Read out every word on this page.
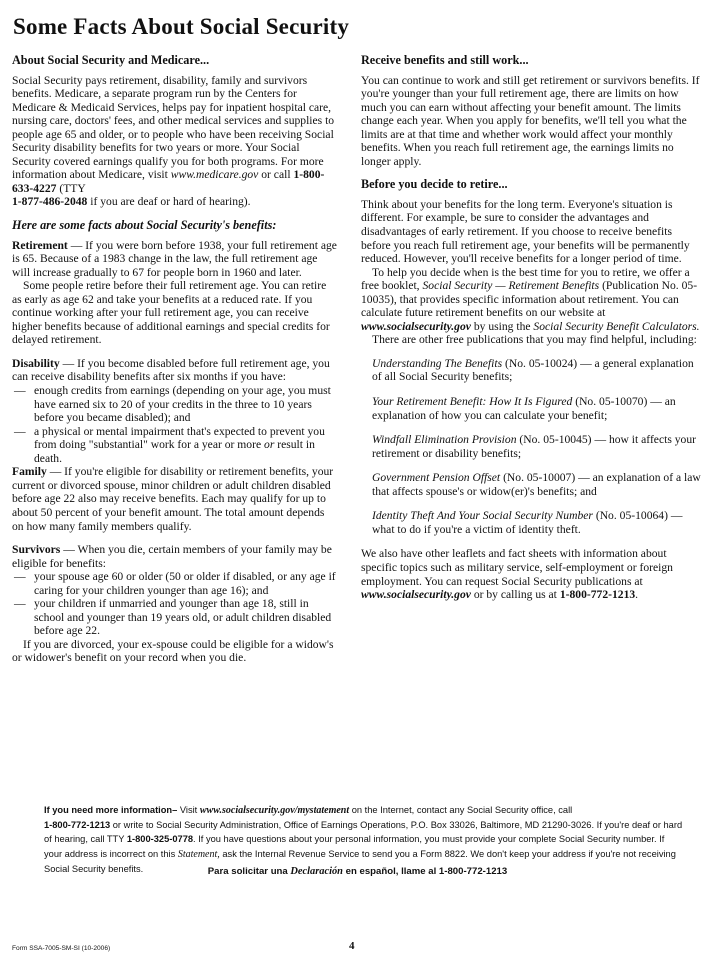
Some Facts About Social Security
About Social Security and Medicare...

Social Security pays retirement, disability, family and survivors benefits. Medicare, a separate program run by the Centers for Medicare & Medicaid Services, helps pay for inpatient hospital care, nursing care, doctors' fees, and other medical services and supplies to people age 65 and older, or to people who have been receiving Social Security disability benefits for two years or more. Your Social Security covered earnings qualify you for both programs. For more information about Medicare, visit www.medicare.gov or call 1-800-633-4227 (TTY
1-877-486-2048 if you are deaf or hard of hearing).

Here are some facts about Social Security's benefits:

Retirement — If you were born before 1938, your full retirement age is 65. Because of a 1983 change in the law, the full retirement age will increase gradually to 67 for people born in 1960 and later.

Some people retire before their full retirement age. You can retire as early as age 62 and take your benefits at a reduced rate. If you continue working after your full retirement age, you can receive higher benefits because of additional earnings and special credits for delayed retirement.

Disability — If you become disabled before full retirement age, you can receive disability benefits after six months if you have:

— enough credits from earnings (depending on your age, you must have earned six to 20 of your credits in the three to 10 years before you became disabled); and
— a physical or mental impairment that's expected to prevent you from doing "substantial" work for a year or more or result in death.

Family — If you're eligible for disability or retirement benefits, your current or divorced spouse, minor children or adult children disabled before age 22 also may receive benefits. Each may qualify for up to about 50 percent of your benefit amount. The total amount depends on how many family members qualify.

Survivors — When you die, certain members of your family may be eligible for benefits:

— your spouse age 60 or older (50 or older if disabled, or any age if caring for your children younger than age 16); and
— your children if unmarried and younger than age 18, still in school and younger than 19 years old, or adult children disabled before age 22.

If you are divorced, your ex-spouse could be eligible for a widow's or widower's benefit on your record when you die.

Receive benefits and still work...

You can continue to work and still get retirement or survivors benefits. If you're younger than your full retirement age, there are limits on how much you can earn without affecting your benefit amount. The limits change each year. When you apply for benefits, we'll tell you what the limits are at that time and whether work would affect your monthly benefits. When you reach full retirement age, the earnings limits no longer apply.

Before you decide to retire...

Think about your benefits for the long term. Everyone's situation is different. For example, be sure to consider the advantages and disadvantages of early retirement. If you choose to receive benefits before you reach full retirement age, your benefits will be permanently reduced. However, you'll receive benefits for a longer period of time.

To help you decide when is the best time for you to retire, we offer a free booklet, Social Security — Retirement Benefits (Publication No. 05-10035), that provides specific information about retirement. You can calculate future retirement benefits on our website at www.socialsecurity.gov by using the Social Security Benefit Calculators.

There are other free publications that you may find helpful, including:

Understanding The Benefits (No. 05-10024) — a general explanation of all Social Security benefits;

Your Retirement Benefit: How It Is Figured (No. 05-10070) — an explanation of how you can calculate your benefit;

Windfall Elimination Provision (No. 05-10045) — how it affects your retirement or disability benefits;

Government Pension Offset (No. 05-10007) — an explanation of a law that affects spouse's or widow(er)'s benefits; and

Identity Theft And Your Social Security Number (No. 05-10064) — what to do if you're a victim of identity theft.

We also have other leaflets and fact sheets with information about specific topics such as military service, self-employment or foreign employment. You can request Social Security publications at www.socialsecurity.gov or by calling us at 1-800-772-1213.

If you need more information– Visit www.socialsecurity.gov/mystatement on the Internet, contact any Social Security office, call
1-800-772-1213 or write to Social Security Administration, Office of Earnings Operations, P.O. Box 33026, Baltimore, MD 21290-3026. If you're deaf or hard of hearing, call TTY 1-800-325-0778. If you have questions about your personal information, you must provide your complete Social Security number. If your address is incorrect on this Statement, ask the Internal Revenue Service to send you a Form 8822. We don't keep your address if you're not receiving Social Security benefits.	Para solicitar una Declaración en español, llame al 1-800-772-1213
Form SSA-7005-SM-SI (10-2006)	4
